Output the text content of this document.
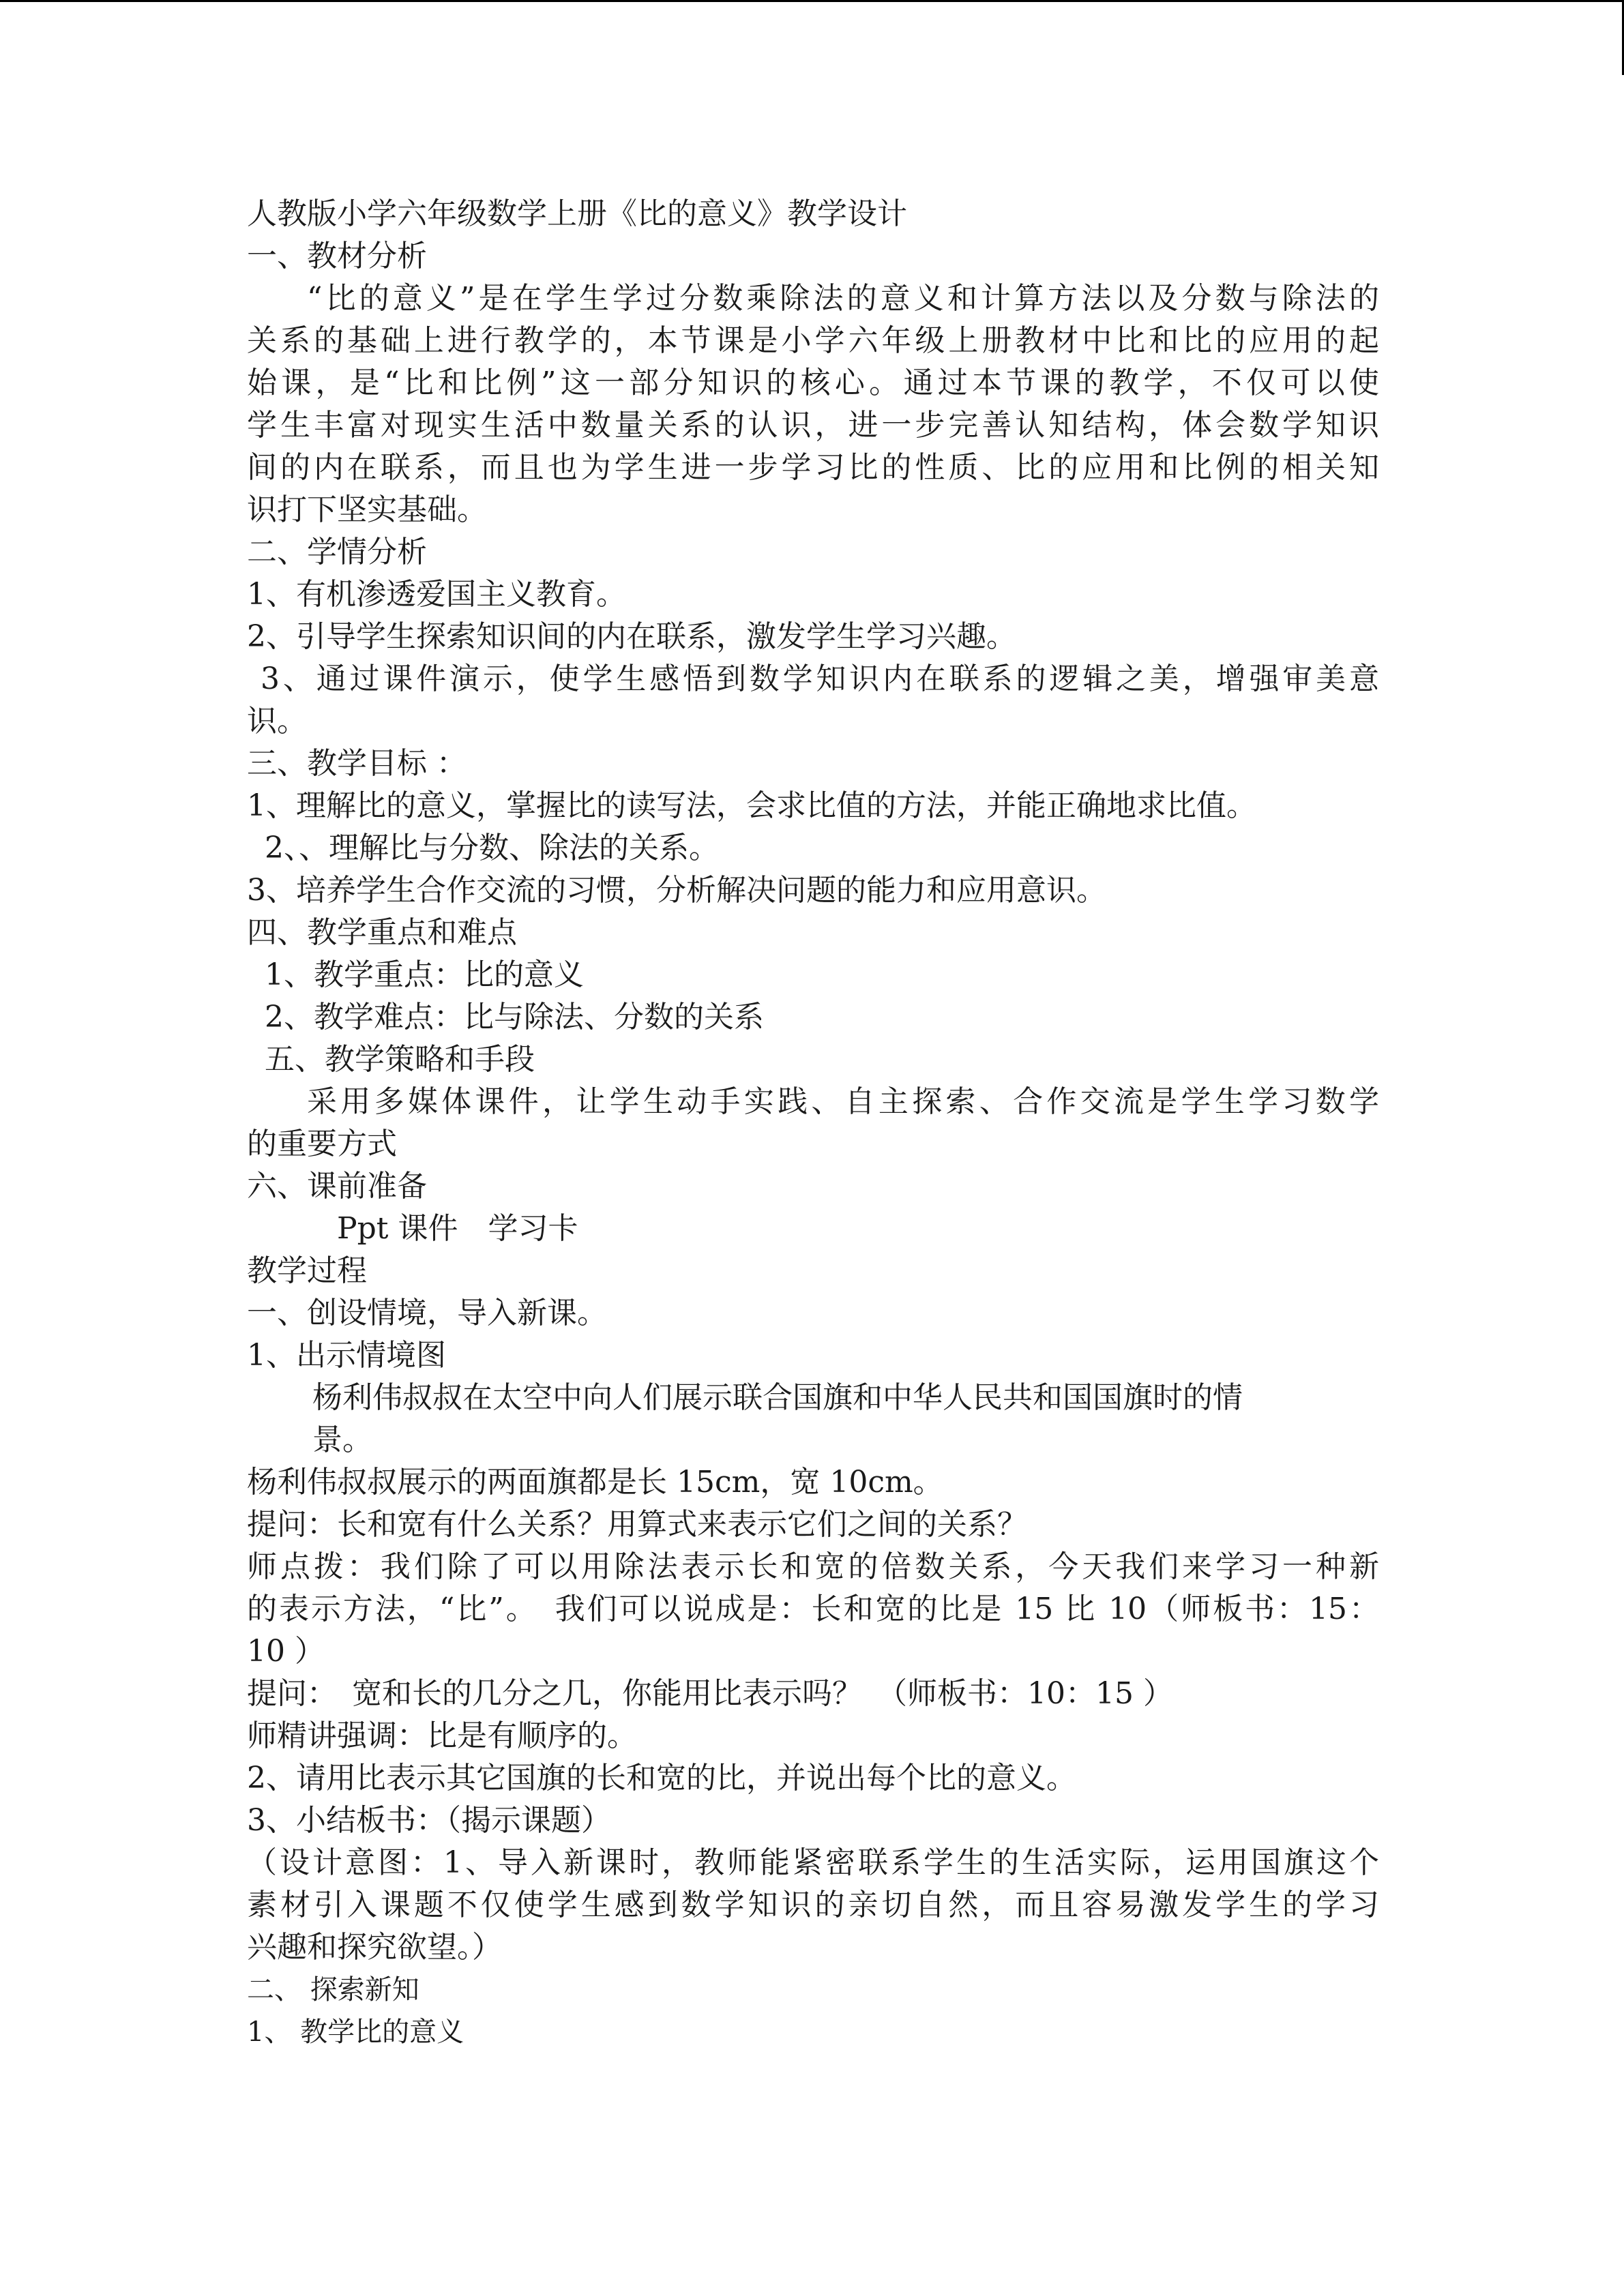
人教版小学六年级数学上册《比的意义》教学设计
一、教材分析
“比的意义”是在学生学过分数乘除法的意义和计算方法以及分数与除法的
关系的基础上进行教学的，本节课是小学六年级上册教材中比和比的应用的起
始课，是“比和比例”这一部分知识的核心。通过本节课的教学，不仅可以使
学生丰富对现实生活中数量关系的认识，进一步完善认知结构，体会数学知识
间的内在联系，而且也为学生进一步学习比的性质、比的应用和比例的相关知
识打下坚实基础。
二、学情分析
1、有机渗透爱国主义教育。
2、引导学生探索知识间的内在联系，激发学生学习兴趣。
3、通过课件演示，使学生感悟到数学知识内在联系的逻辑之美，增强审美意
识。
三、教学目标 ：
1、理解比的意义，掌握比的读写法，会求比值的方法，并能正确地求比值。
2、、理解比与分数、除法的关系。
3、培养学生合作交流的习惯，分析解决问题的能力和应用意识。
四、教学重点和难点
1、教学重点：比的意义
2、教学难点：比与除法、分数的关系
五、教学策略和手段
采用多媒体课件，让学生动手实践、自主探索、合作交流是学生学习数学
的重要方式
六、课前准备
Ppt 课件　学习卡
教学过程
一、创设情境，导入新课。
1、出示情境图
杨利伟叔叔在太空中向人们展示联合国旗和中华人民共和国国旗时的情
景。
杨利伟叔叔展示的两面旗都是长 15cm，宽 10cm。
提问：长和宽有什么关系？用算式来表示它们之间的关系？
师点拨：我们除了可以用除法表示长和宽的倍数关系，今天我们来学习一种新
的表示方法，“比”。　我们可以说成是：长和宽的比是 15 比 10（师板书：15：
10 ）
提问：　宽和长的几分之几，你能用比表示吗？　（师板书：10：15 ）
师精讲强调：比是有顺序的。
2、请用比表示其它国旗的长和宽的比，并说出每个比的意义。
3、小结板书：（揭示课题）
（设计意图：1、导入新课时，教师能紧密联系学生的生活实际，运用国旗这个
素材引入课题不仅使学生感到数学知识的亲切自然，而且容易激发学生的学习
兴趣和探究欲望。）
二、 探索新知
1、 教学比的意义
